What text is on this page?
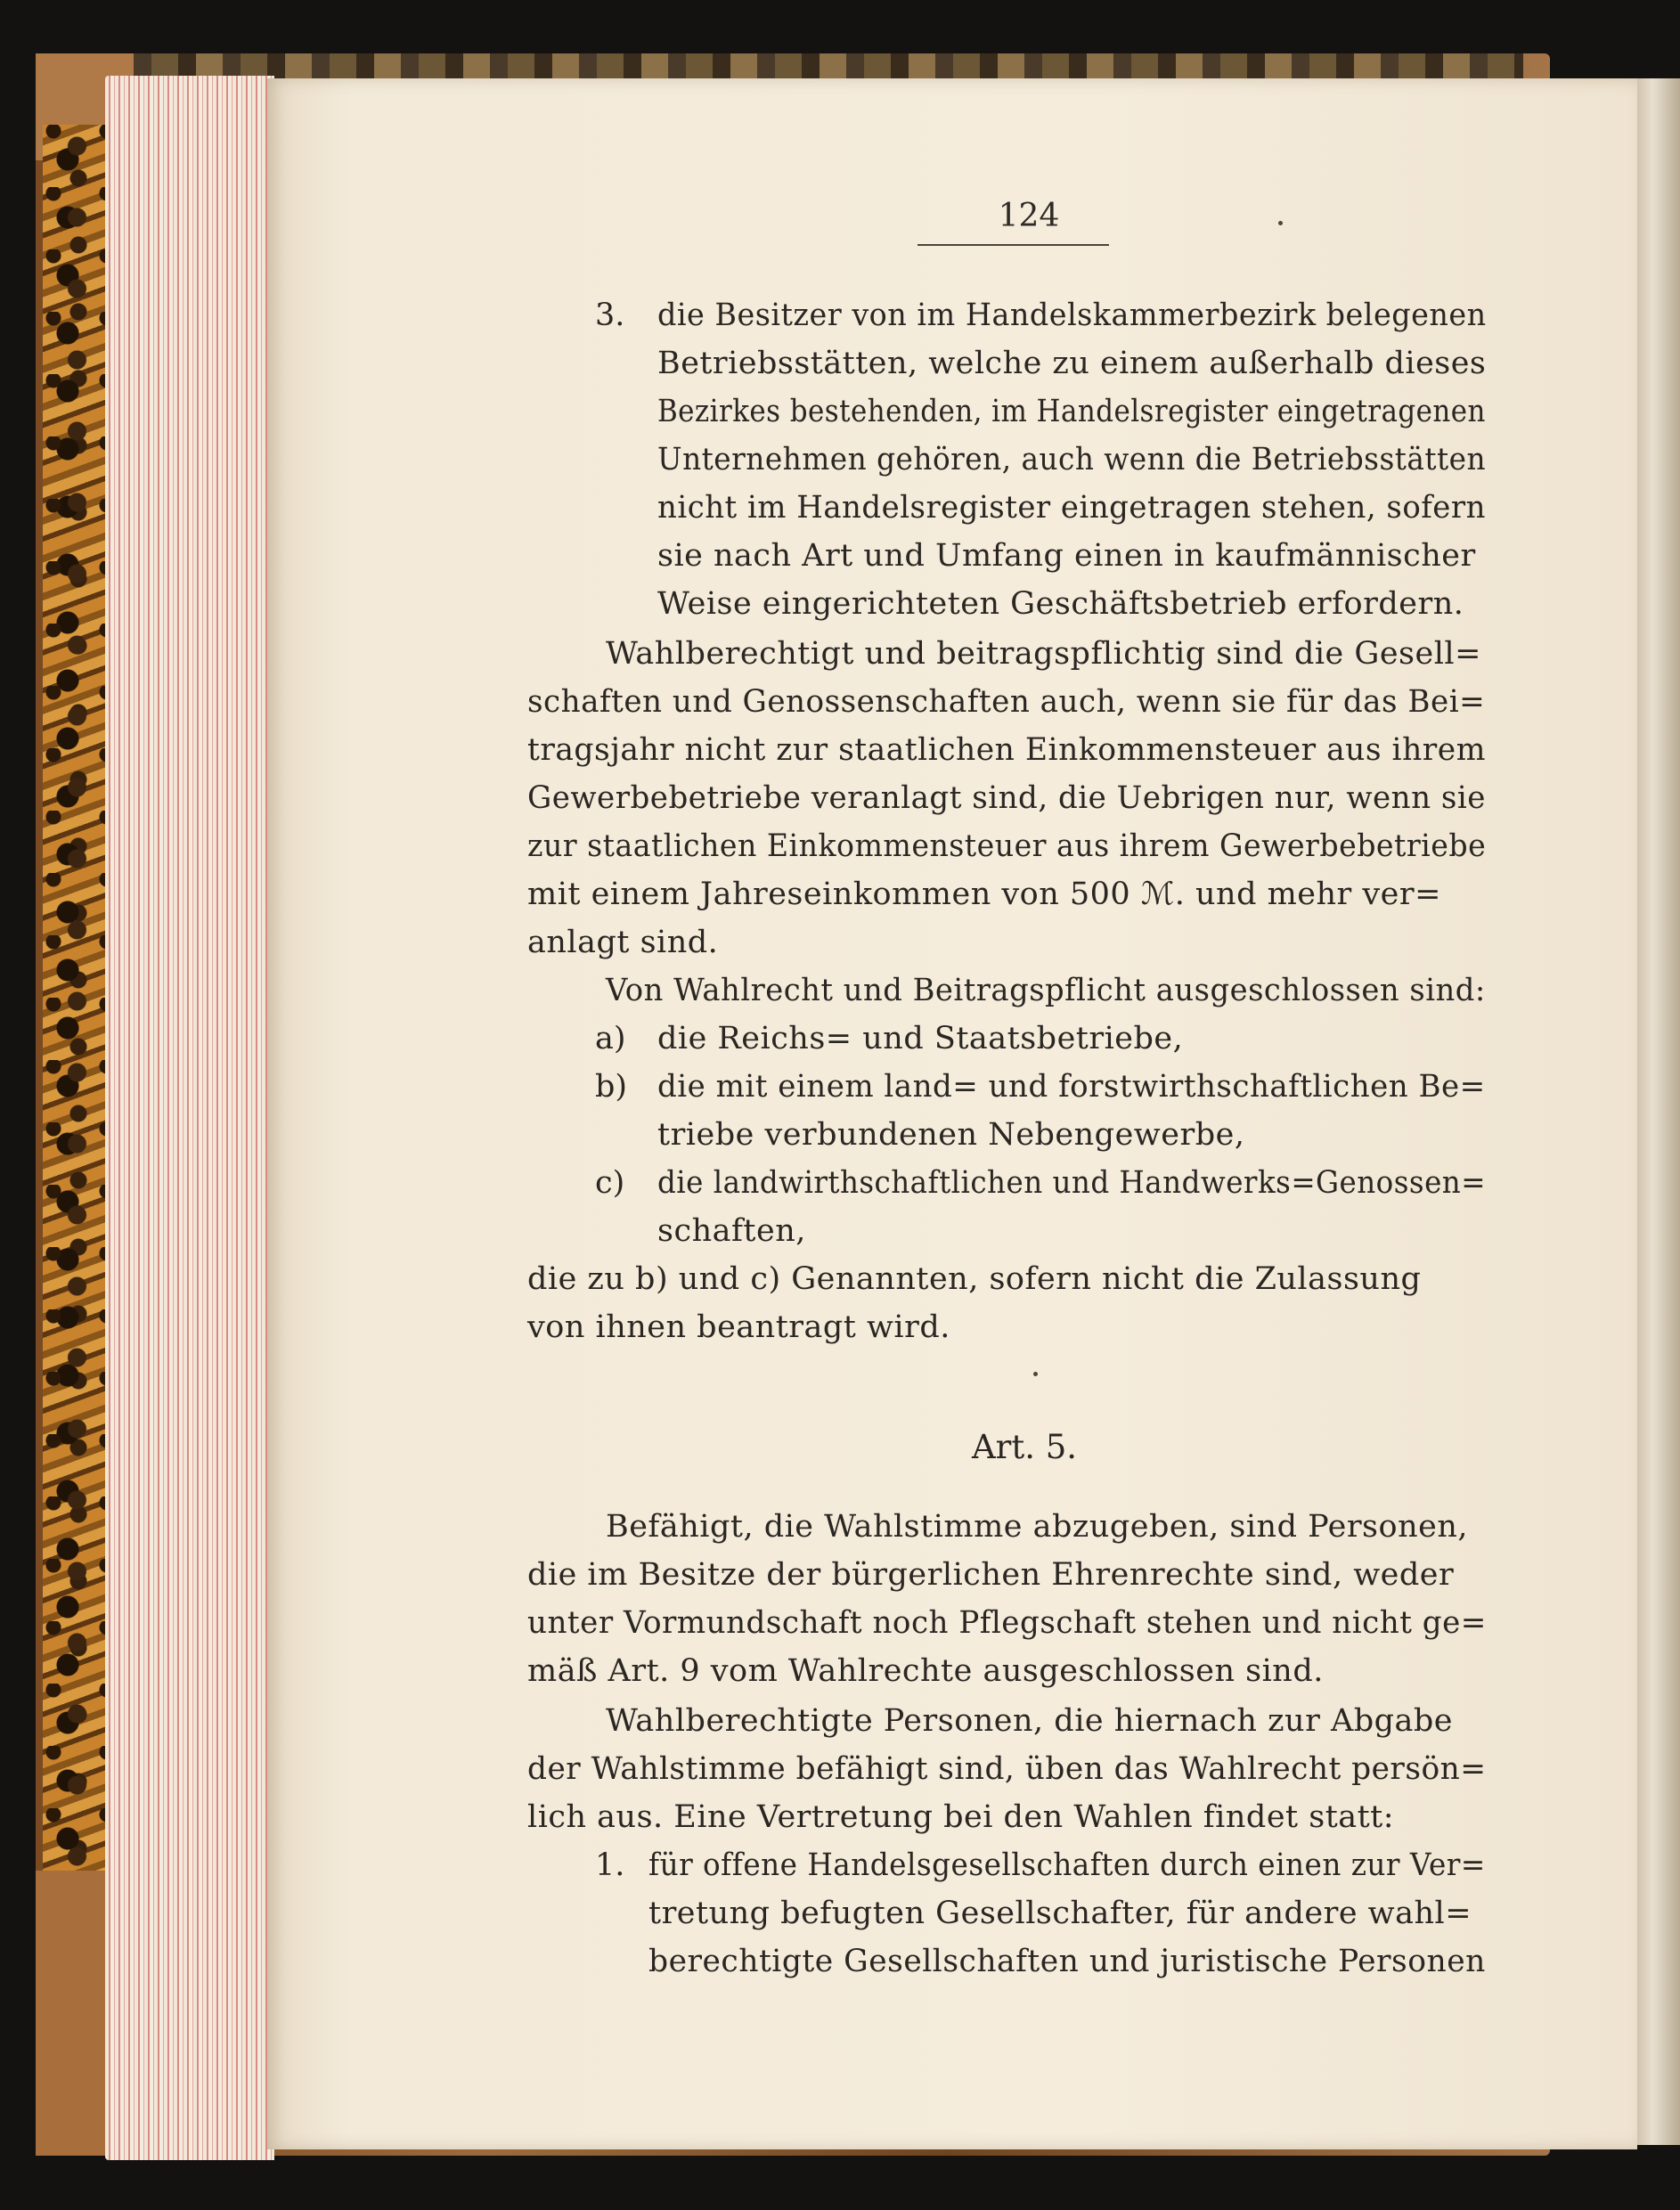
124
3. die Besitzer von im Handelskammerbezirk belegenen
Betriebsstätten, welche zu einem außerhalb dieses
Bezirkes bestehenden, im Handelsregister eingetragenen
Unternehmen gehören, auch wenn die Betriebsstätten
nicht im Handelsregister eingetragen stehen, sofern
sie nach Art und Umfang einen in kaufmännischer
Weise eingerichteten Geschäftsbetrieb erfordern.
Wahlberechtigt und beitragspflichtig sind die Gesell=
schaften und Genossenschaften auch, wenn sie für das Bei=
tragsjahr nicht zur staatlichen Einkommensteuer aus ihrem
Gewerbebetriebe veranlagt sind, die Uebrigen nur, wenn sie
zur staatlichen Einkommensteuer aus ihrem Gewerbebetriebe
mit einem Jahreseinkommen von 500 ℳ. und mehr ver=
anlagt sind.
Von Wahlrecht und Beitragspflicht ausgeschlossen sind:
a) die Reichs= und Staatsbetriebe,
b) die mit einem land= und forstwirthschaftlichen Be=
triebe verbundenen Nebengewerbe,
c) die landwirthschaftlichen und Handwerks=Genossen=
schaften,
die zu b) und c) Genannten, sofern nicht die Zulassung
von ihnen beantragt wird.
Art. 5.
Befähigt, die Wahlstimme abzugeben, sind Personen,
die im Besitze der bürgerlichen Ehrenrechte sind, weder
unter Vormundschaft noch Pflegschaft stehen und nicht ge=
mäß Art. 9 vom Wahlrechte ausgeschlossen sind.
Wahlberechtigte Personen, die hiernach zur Abgabe
der Wahlstimme befähigt sind, üben das Wahlrecht persön=
lich aus. Eine Vertretung bei den Wahlen findet statt:
1. für offene Handelsgesellschaften durch einen zur Ver=
tretung befugten Gesellschafter, für andere wahl=
berechtigte Gesellschaften und juristische Personen
